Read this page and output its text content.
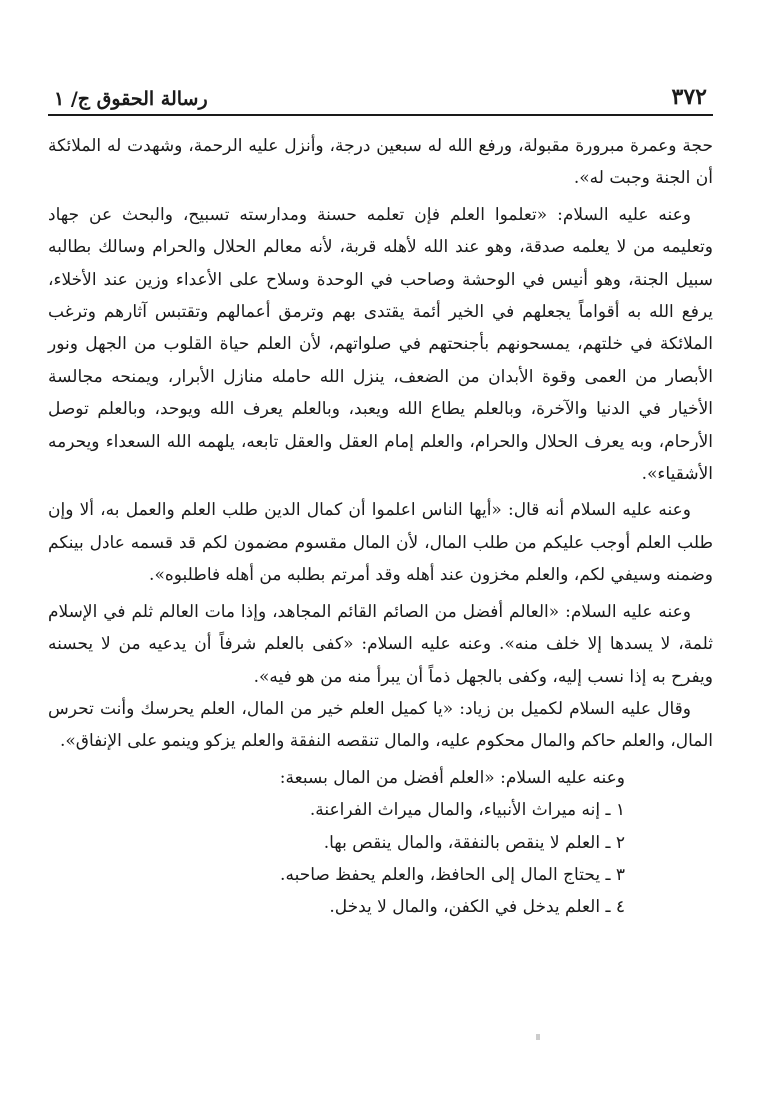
٣٧٢
رسالة الحقوق ج/ ١

حجة وعمرة مبرورة مقبولة، ورفع الله له سبعين درجة، وأنزل عليه الرحمة، وشهدت له الملائكة أن الجنة وجبت له».

وعنه عليه السلام: «تعلموا العلم فإن تعلمه حسنة ومدارسته تسبيح، والبحث عن جهاد وتعليمه من لا يعلمه صدقة، وهو عند الله لأهله قربة، لأنه معالم الحلال والحرام وسالك بطالبه سبيل الجنة، وهو أنيس في الوحشة وصاحب في الوحدة وسلاح على الأعداء وزين عند الأخلاء، يرفع الله به أقواماً يجعلهم في الخير أئمة يقتدى بهم وترمق أعمالهم وتقتبس آثارهم وترغب الملائكة في خلتهم، يمسحونهم بأجنحتهم في صلواتهم، لأن العلم حياة القلوب من الجهل ونور الأبصار من العمى وقوة الأبدان من الضعف، ينزل الله حامله منازل الأبرار، ويمنحه مجالسة الأخيار في الدنيا والآخرة، وبالعلم يطاع الله ويعبد، وبالعلم يعرف الله ويوحد، وبالعلم توصل الأرحام، وبه يعرف الحلال والحرام، والعلم إمام العقل والعقل تابعه، يلهمه الله السعداء ويحرمه الأشقياء».

وعنه عليه السلام أنه قال: «أيها الناس اعلموا أن كمال الدين طلب العلم والعمل به، ألا وإن طلب العلم أوجب عليكم من طلب المال، لأن المال مقسوم مضمون لكم قد قسمه عادل بينكم وضمنه وسيفي لكم، والعلم مخزون عند أهله وقد أمرتم بطلبه من أهله فاطلبوه».

وعنه عليه السلام: «العالم أفضل من الصائم القائم المجاهد، وإذا مات العالم ثلم في الإسلام ثلمة، لا يسدها إلا خلف منه». وعنه عليه السلام: «كفى بالعلم شرفاً أن يدعيه من لا يحسنه ويفرح به إذا نسب إليه، وكفى بالجهل ذماً أن يبرأ منه من هو فيه».

وقال عليه السلام لكميل بن زياد: «يا كميل العلم خير من المال، العلم يحرسك وأنت تحرس المال، والعلم حاكم والمال محكوم عليه، والمال تنقصه النفقة والعلم يزكو وينمو على الإنفاق».

وعنه عليه السلام: «العلم أفضل من المال بسبعة:

١ ـ إنه ميراث الأنبياء، والمال ميراث الفراعنة.
٢ ـ العلم لا ينقص بالنفقة، والمال ينقص بها.
٣ ـ يحتاج المال إلى الحافظ، والعلم يحفظ صاحبه.
٤ ـ العلم يدخل في الكفن، والمال لا يدخل.
